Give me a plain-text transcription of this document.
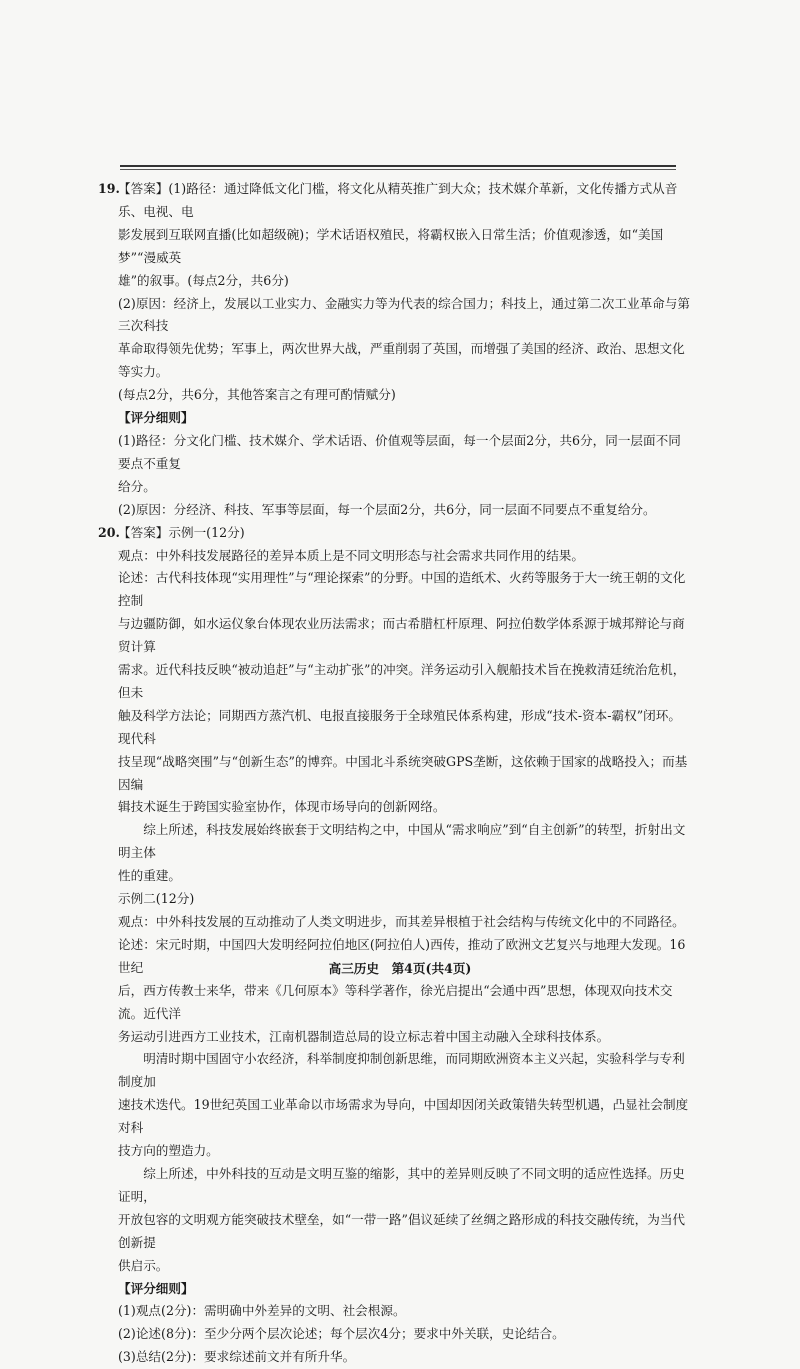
19.

【答案】(1)路径：通过降低文化门槛，将文化从精英推广到大众；技术媒介革新，文化传播方式从音乐、电视、电

影发展到互联网直播(比如超级碗)；学术话语权殖民，将霸权嵌入日常生活；价值观渗透，如“美国梦”“漫威英

雄”的叙事。(每点2分，共6分)

(2)原因：经济上，发展以工业实力、金融实力等为代表的综合国力；科技上，通过第二次工业革命与第三次科技

革命取得领先优势；军事上，两次世界大战，严重削弱了英国，而增强了美国的经济、政治、思想文化等实力。

(每点2分，共6分，其他答案言之有理可酌情赋分)

【评分细则】

(1)路径：分文化门槛、技术媒介、学术话语、价值观等层面，每一个层面2分，共6分，同一层面不同要点不重复

给分。

(2)原因：分经济、科技、军事等层面，每一个层面2分，共6分，同一层面不同要点不重复给分。

20.

【答案】示例一(12分)

观点：中外科技发展路径的差异本质上是不同文明形态与社会需求共同作用的结果。

论述：古代科技体现“实用理性”与“理论探索”的分野。中国的造纸术、火药等服务于大一统王朝的文化控制

与边疆防御，如水运仪象台体现农业历法需求；而古希腊杠杆原理、阿拉伯数学体系源于城邦辩论与商贸计算

需求。近代科技反映“被动追赶”与“主动扩张”的冲突。洋务运动引入舰船技术旨在挽救清廷统治危机，但未

触及科学方法论；同期西方蒸汽机、电报直接服务于全球殖民体系构建，形成“技术-资本-霸权”闭环。现代科

技呈现“战略突围”与“创新生态”的博弈。中国北斗系统突破GPS垄断，这依赖于国家的战略投入；而基因编

辑技术诞生于跨国实验室协作，体现市场导向的创新网络。

综上所述，科技发展始终嵌套于文明结构之中，中国从“需求响应”到“自主创新”的转型，折射出文明主体

性的重建。

示例二(12分)

观点：中外科技发展的互动推动了人类文明进步，而其差异根植于社会结构与传统文化中的不同路径。

论述：宋元时期，中国四大发明经阿拉伯地区(阿拉伯人)西传，推动了欧洲文艺复兴与地理大发现。16世纪

后，西方传教士来华，带来《几何原本》等科学著作，徐光启提出“会通中西”思想，体现双向技术交流。近代洋

务运动引进西方工业技术，江南机器制造总局的设立标志着中国主动融入全球科技体系。

明清时期中国固守小农经济，科举制度抑制创新思维，而同期欧洲资本主义兴起，实验科学与专利制度加

速技术迭代。19世纪英国工业革命以市场需求为导向，中国却因闭关政策错失转型机遇，凸显社会制度对科

技方向的塑造力。

综上所述，中外科技的互动是文明互鉴的缩影，其中的差异则反映了不同文明的适应性选择。历史证明，

开放包容的文明观方能突破技术壁垒，如“一带一路”倡议延续了丝绸之路形成的科技交融传统，为当代创新提

供启示。

【评分细则】

(1)观点(2分)：需明确中外差异的文明、社会根源。

(2)论述(8分)：至少分两个层次论述；每个层次4分；要求中外关联，史论结合。

(3)总结(2分)：要求综述前文并有所升华。

高三历史　第4页(共4页)
